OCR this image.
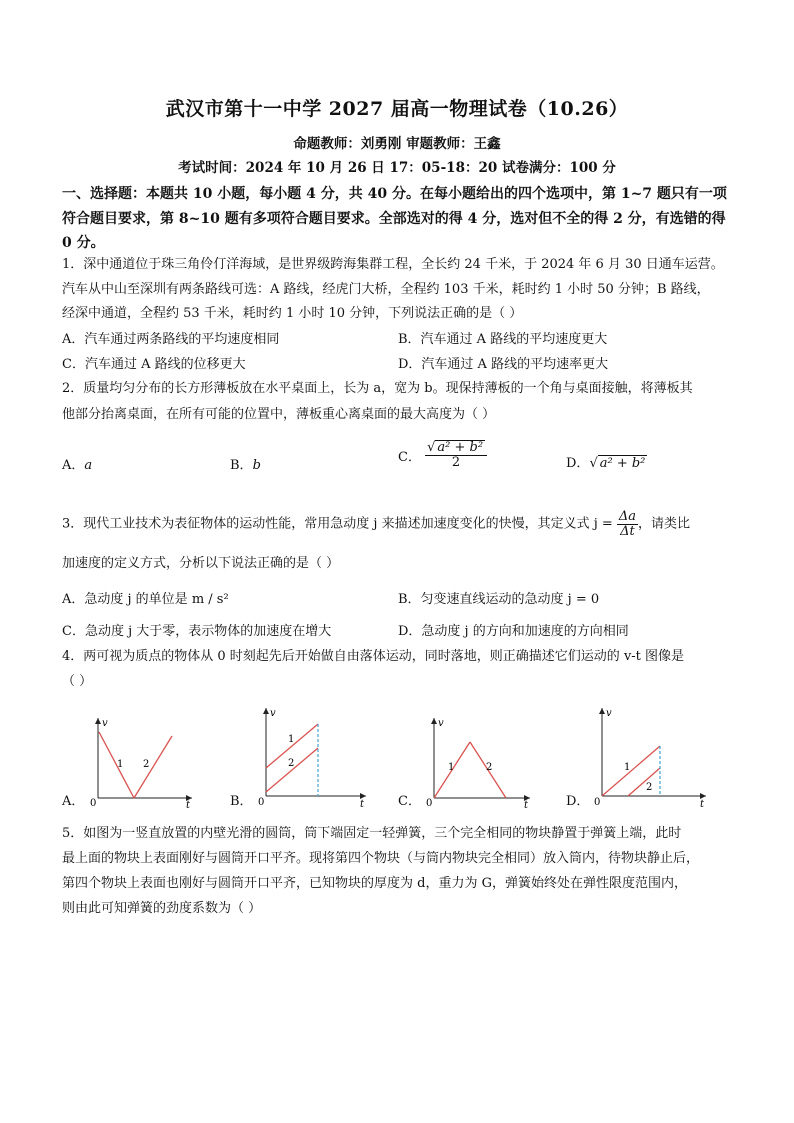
武汉市第十一中学 2027 届高一物理试卷（10.26）
命题教师：刘勇刚 审题教师：王鑫
考试时间：2024 年 10 月 26 日 17：05-18：20 试卷满分：100 分
一、选择题：本题共 10 小题，每小题 4 分，共 40 分。在每小题给出的四个选项中，第 1~7 题只有一项符合题目要求，第 8~10 题有多项符合题目要求。全部选对的得 4 分，选对但不全的得 2 分，有选错的得 0 分。
1．深中通道位于珠三角伶仃洋海域，是世界级跨海集群工程，全长约 24 千米，于 2024 年 6 月 30 日通车运营。
汽车从中山至深圳有两条路线可选：A 路线，经虎门大桥，全程约 103 千米，耗时约 1 小时 50 分钟；B 路线，
经深中通道，全程约 53 千米，耗时约 1 小时 10 分钟，下列说法正确的是（ ）
A．汽车通过两条路线的平均速度相同	B．汽车通过 A 路线的平均速度更大
C．汽车通过 A 路线的位移更大	D．汽车通过 A 路线的平均速率更大
2．质量均匀分布的长方形薄板放在水平桌面上，长为 a，宽为 b。现保持薄板的一个角与桌面接触，将薄板其
他部分抬离桌面，在所有可能的位置中，薄板重心离桌面的最大高度为（ ）
A．a	B．b
C． $\frac{\text{√ a² + b²}}{2}$	D．√ a² + b²
3．现代工业技术为表征物体的运动性能，常用急动度 j 来描述加速度变化的快慢，其定义式 $j = \frac{\Delta a}{\Delta t}$ ，请类比
加速度的定义方式，分析以下说法正确的是（ ）
A．急动度 j 的单位是 m / s²	B．匀变速直线运动的急动度 j = 0
C．急动度 j 大于零，表示物体的加速度在增大	D．急动度 j 的方向和加速度的方向相同
4．两可视为质点的物体从 0 时刻起先后开始做自由落体运动，同时落地，则正确描述它们运动的 v-t 图像是
（ ）
A．
v
t
0
1 2
B．
v
t
0
1
2
C．
v
t
0
1	2
D．
v
t
0
1
2
5．如图为一竖直放置的内壁光滑的圆筒，筒下端固定一轻弹簧，三个完全相同的物块静置于弹簧上端，此时
最上面的物块上表面刚好与圆筒开口平齐。现将第四个物块（与筒内物块完全相同）放入筒内，待物块静止后，
第四个物块上表面也刚好与圆筒开口平齐，已知物块的厚度为 d，重力为 G，弹簧始终处在弹性限度范围内，
则由此可知弹簧的劲度系数为（ ）
